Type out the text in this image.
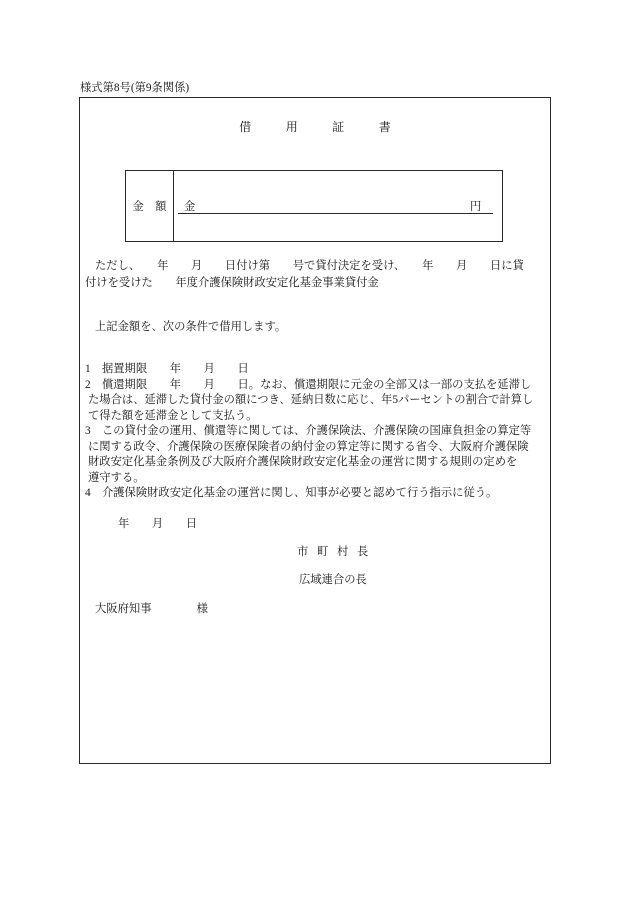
様式第8号(第9条関係)
借　　用　　証　　書
金　額	金	円
ただし、　　年　　月　　日付け第　　号で貸付決定を受け、　　年　　月　　日に貸
付けを受けた　　年度介護保険財政安定化基金事業貸付金
上記金額を、次の条件で借用します。
1　据置期限　　年　　月　　日
2　償還期限　　年　　月　　日。なお、償還期限に元金の全部又は一部の支払を延滞し
た場合は、延滞した貸付金の額につき、延納日数に応じ、年5パーセントの割合で計算し
て得た額を延滞金として支払う。
3　この貸付金の運用、償還等に関しては、介護保険法、介護保険の国庫負担金の算定等
に関する政令、介護保険の医療保険者の納付金の算定等に関する省令、大阪府介護保険
財政安定化基金条例及び大阪府介護保険財政安定化基金の運営に関する規則の定めを
遵守する。
4　介護保険財政安定化基金の運営に関し、知事が必要と認めて行う指示に従う。
年　　月　　日
市　町　村　長
広域連合の長
大阪府知事　　　　様
